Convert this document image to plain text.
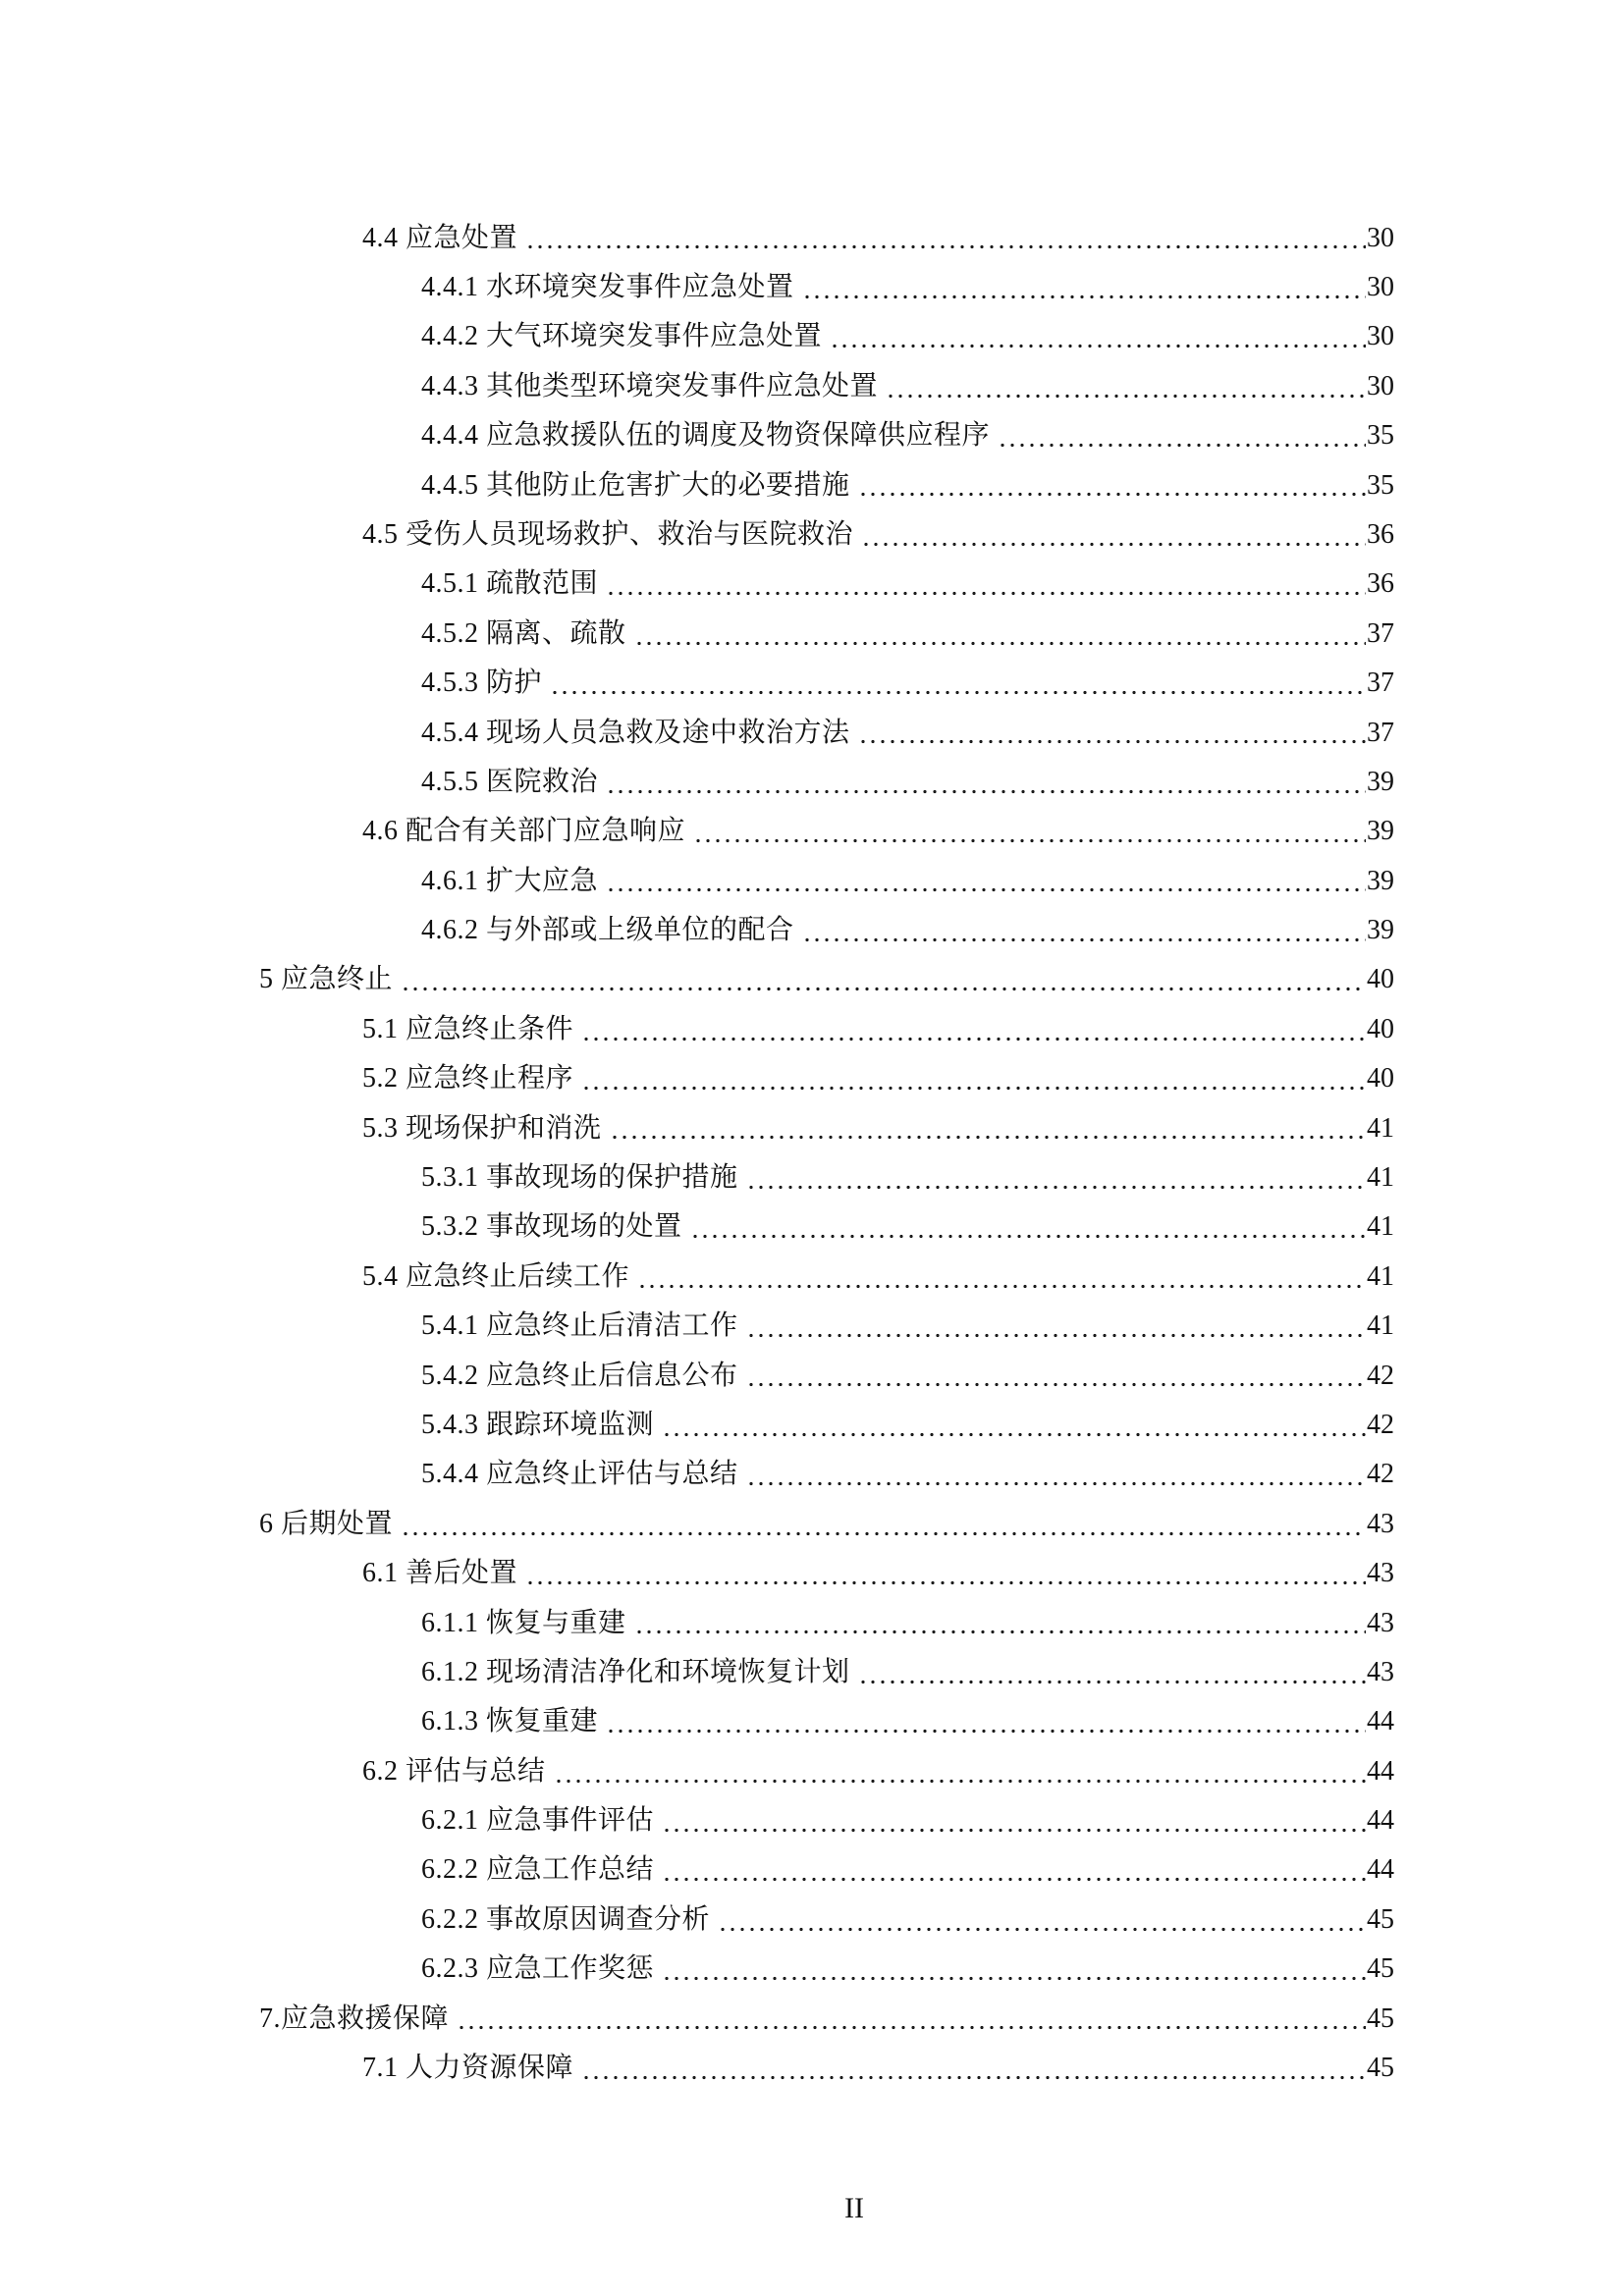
4.4 应急处置	30
4.4.1 水环境突发事件应急处置	30
4.4.2 大气环境突发事件应急处置	30
4.4.3 其他类型环境突发事件应急处置	30
4.4.4 应急救援队伍的调度及物资保障供应程序	35
4.4.5 其他防止危害扩大的必要措施	35
4.5 受伤人员现场救护、救治与医院救治	36
4.5.1 疏散范围	36
4.5.2 隔离、疏散	37
4.5.3 防护	37
4.5.4 现场人员急救及途中救治方法	37
4.5.5 医院救治	39
4.6 配合有关部门应急响应	39
4.6.1 扩大应急	39
4.6.2 与外部或上级单位的配合	39
5 应急终止	40
5.1 应急终止条件	40
5.2 应急终止程序	40
5.3 现场保护和消洗	41
5.3.1 事故现场的保护措施	41
5.3.2 事故现场的处置	41
5.4 应急终止后续工作	41
5.4.1 应急终止后清洁工作	41
5.4.2 应急终止后信息公布	42
5.4.3 跟踪环境监测	42
5.4.4 应急终止评估与总结	42
6 后期处置	43
6.1 善后处置	43
6.1.1 恢复与重建	43
6.1.2 现场清洁净化和环境恢复计划	43
6.1.3 恢复重建	44
6.2 评估与总结	44
6.2.1 应急事件评估	44
6.2.2 应急工作总结	44
6.2.2 事故原因调查分析	45
6.2.3 应急工作奖惩	45
7.应急救援保障	45
7.1 人力资源保障	45
II
